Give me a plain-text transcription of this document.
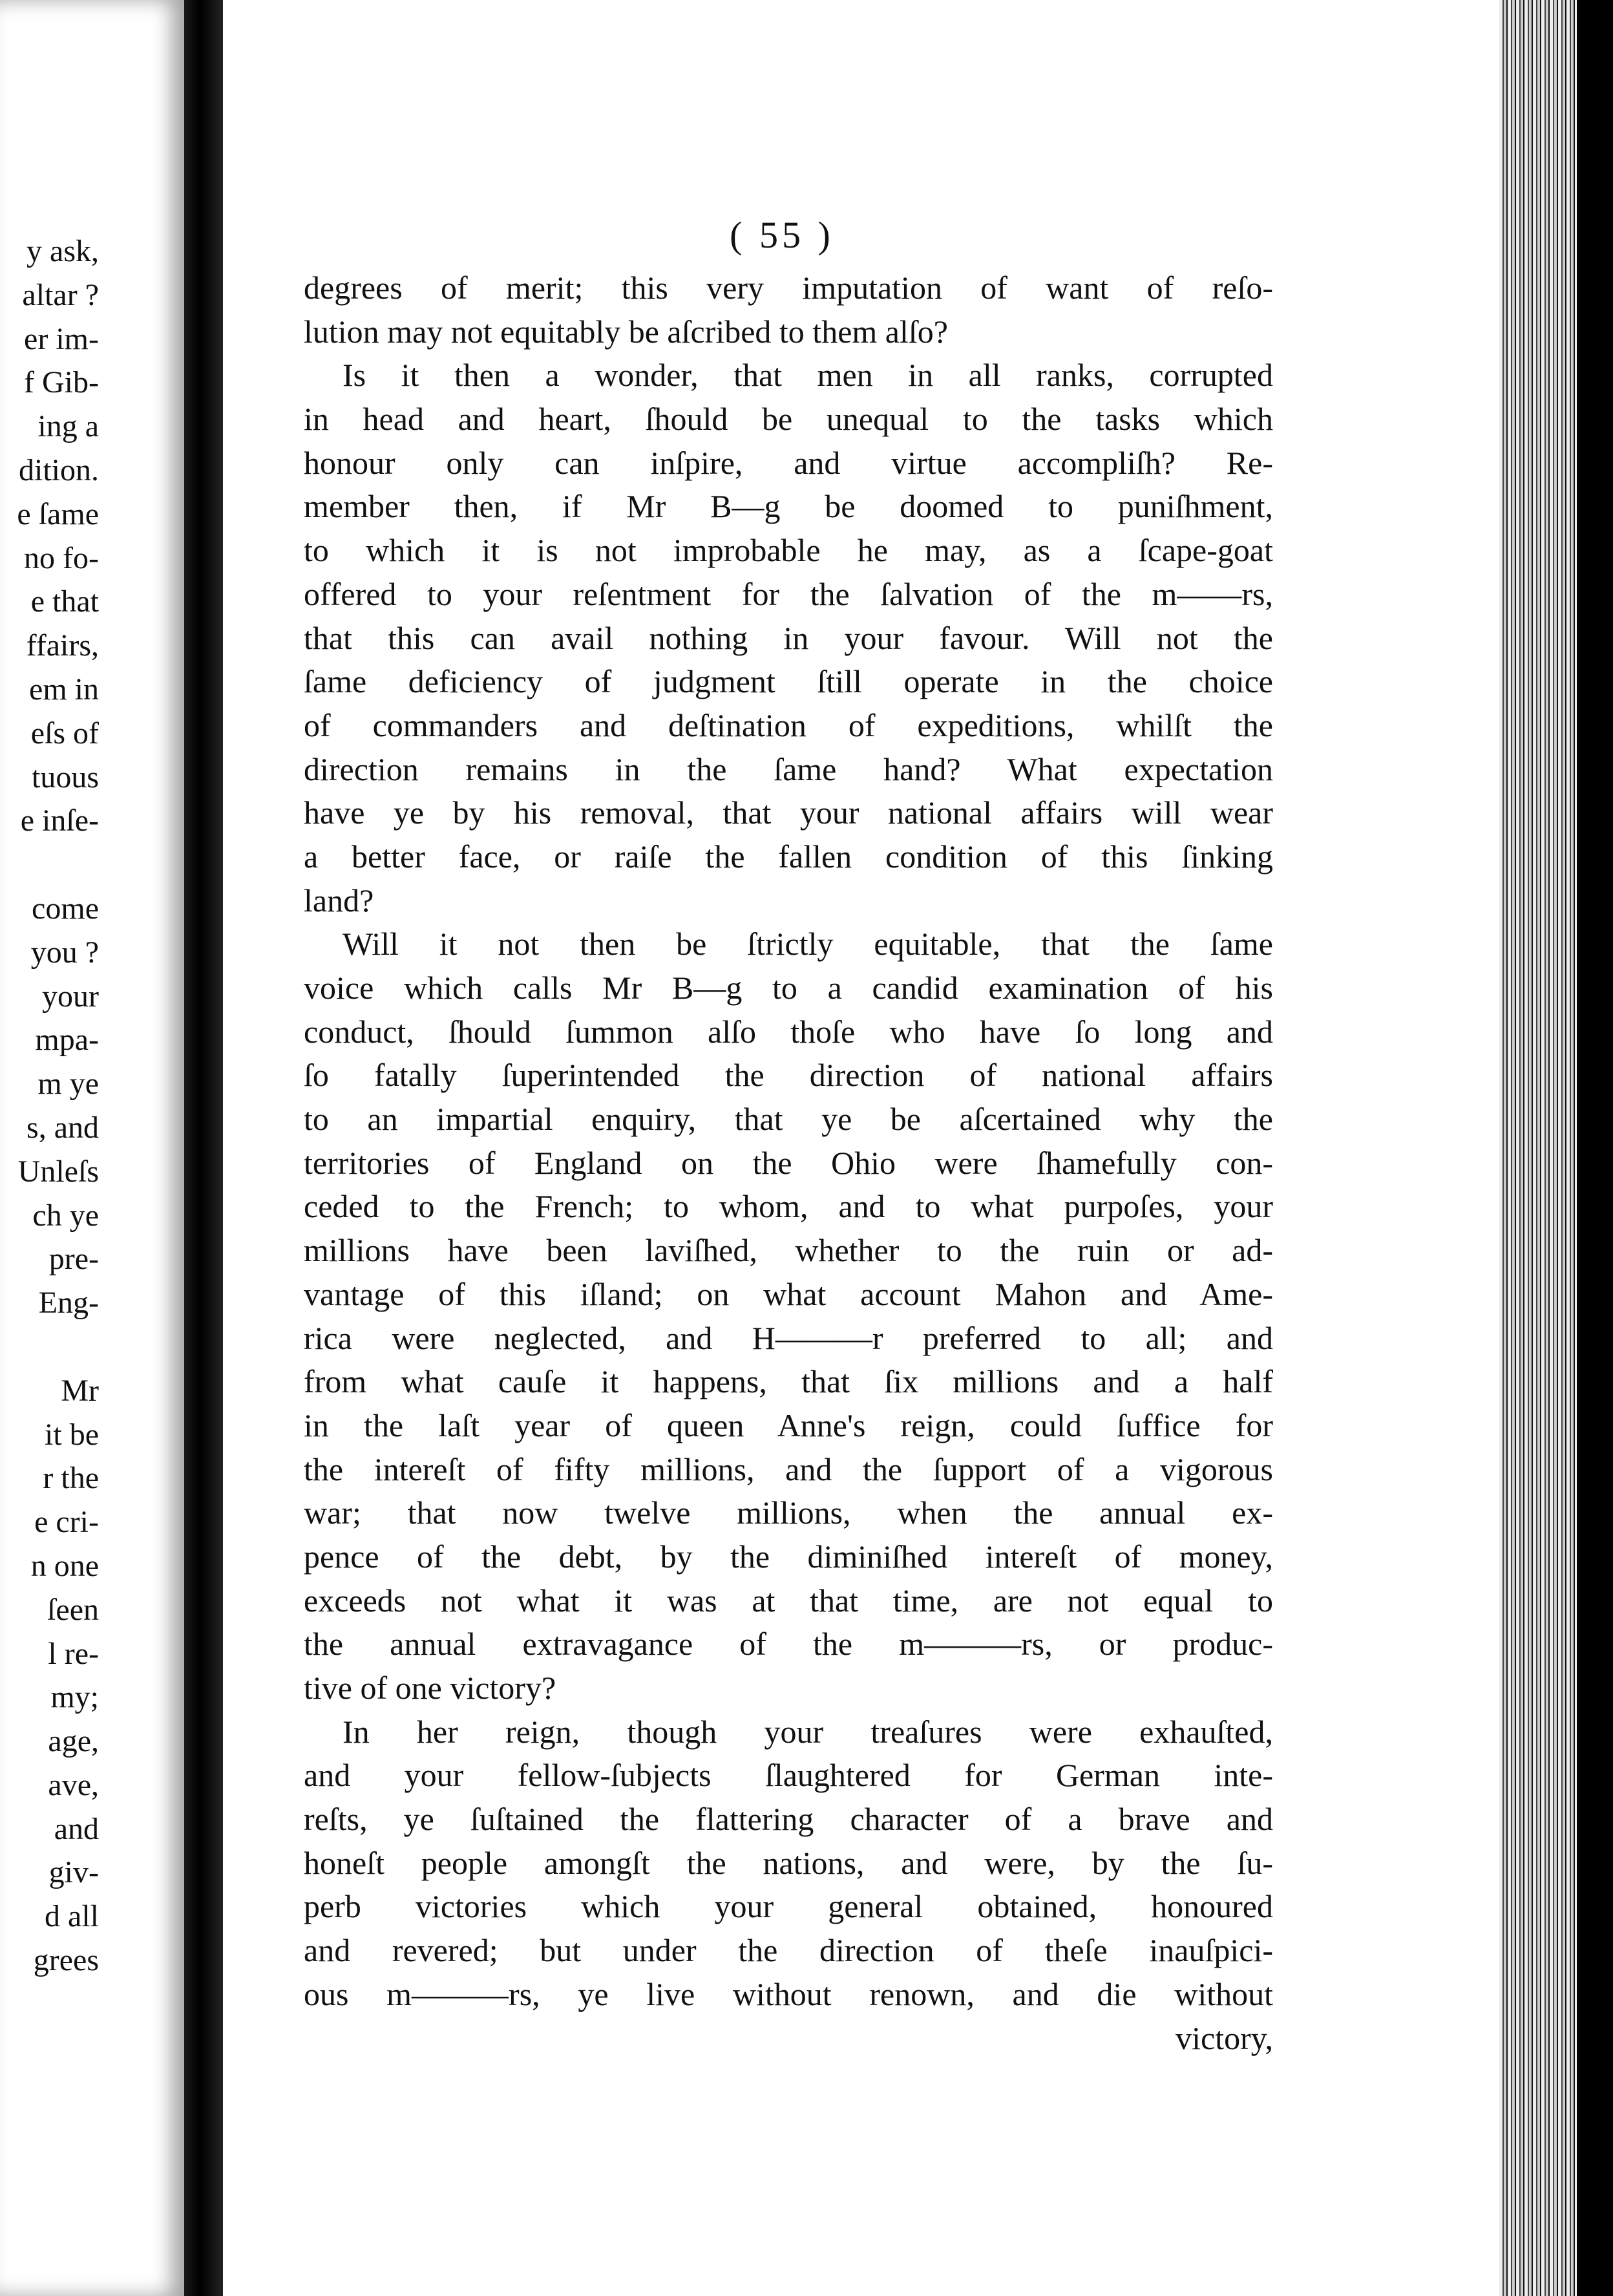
y ask,
altar ?
er im-
f Gib-
ing a
dition.
e ſame
no fo-
e that
ffairs,
em in
eſs of
tuous
e inſe-
come
you ?
your
mpa-
m ye
s, and
Unleſs
ch ye
pre-
Eng-
Mr
it be
r the
e cri-
n one
ſeen
l re-
my;
age,
ave,
and
giv-
d all
grees
( 55 )
degrees of merit; this very imputation of want of reſo-
lution may not equitably be aſcribed to them alſo?
Is it then a wonder, that men in all ranks, corrupted
in head and heart, ſhould be unequal to the tasks which
honour only can inſpire, and virtue accompliſh? Re-
member then, if Mr B—g be doomed to puniſhment,
to which it is not improbable he may, as a ſcape-goat
offered to your reſentment for the ſalvation of the m——rs,
that this can avail nothing in your favour. Will not the
ſame deficiency of judgment ſtill operate in the choice
of commanders and deſtination of expeditions, whilſt the
direction remains in the ſame hand? What expectation
have ye by his removal, that your national affairs will wear
a better face, or raiſe the fallen condition of this ſinking
land?
Will it not then be ſtrictly equitable, that the ſame
voice which calls Mr B—g to a candid examination of his
conduct, ſhould ſummon alſo thoſe who have ſo long and
ſo fatally ſuperintended the direction of national affairs
to an impartial enquiry, that ye be aſcertained why the
territories of England on the Ohio were ſhamefully con-
ceded to the French; to whom, and to what purpoſes, your
millions have been laviſhed, whether to the ruin or ad-
vantage of this iſland; on what account Mahon and Ame-
rica were neglected, and H———r preferred to all; and
from what cauſe it happens, that ſix millions and a half
in the laſt year of queen Anne's reign, could ſuffice for
the intereſt of fifty millions, and the ſupport of a vigorous
war; that now twelve millions, when the annual ex-
pence of the debt, by the diminiſhed intereſt of money,
exceeds not what it was at that time, are not equal to
the annual extravagance of the m———rs, or produc-
tive of one victory?
In her reign, though your treaſures were exhauſted,
and your fellow-ſubjects ſlaughtered for German inte-
reſts, ye ſuſtained the flattering character of a brave and
honeſt people amongſt the nations, and were, by the ſu-
perb victories which your general obtained, honoured
and revered; but under the direction of theſe inauſpici-
ous m———rs, ye live without renown, and die without
victory,
